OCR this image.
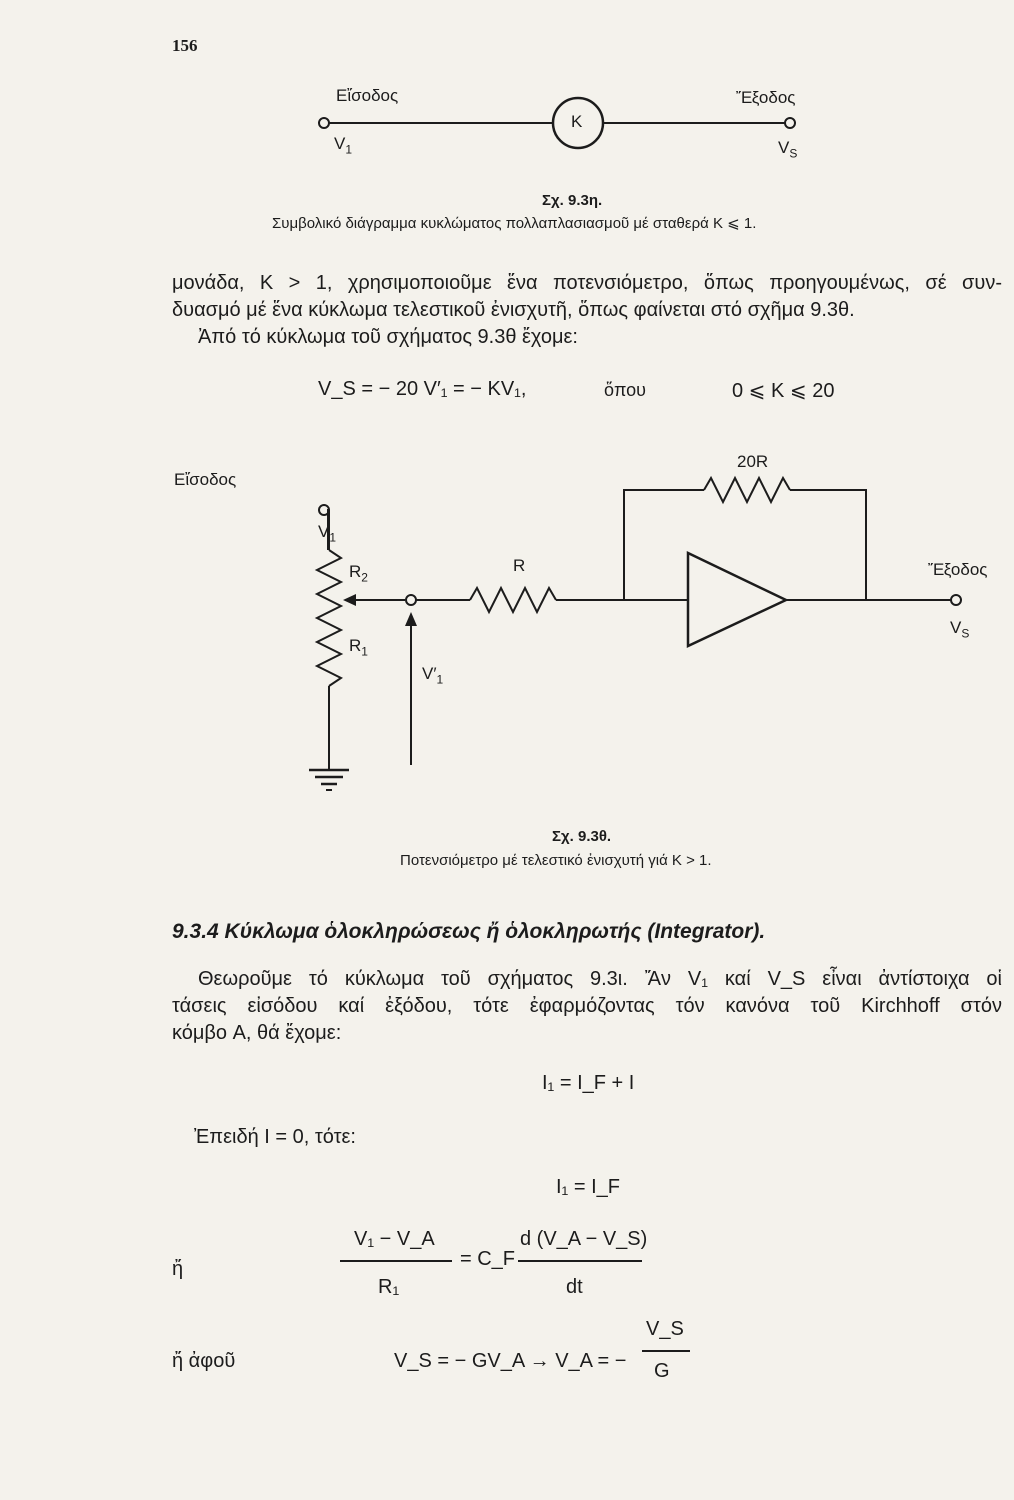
156
Εἴσοδος	Ἔξοδος
K
$V_1$	$V_S$
Σχ. 9.3η.
Συμβολικό διάγραμμα κυκλώματος πολλαπλασιασμοῦ μέ σταθερά K ⩽ 1.
μονάδα, K > 1, χρησιμοποιοῦμε ἕνα ποτενσιόμετρο, ὅπως προηγουμένως, σέ συν-
δυασμό μέ ἕνα κύκλωμα τελεστικοῦ ἐνισχυτῆ, ὅπως φαίνεται στό σχῆμα 9.3θ.
Ἀπό τό κύκλωμα τοῦ σχήματος 9.3θ ἔχομε:
V_S = − 20 V′₁ = − KV₁,	ὅπου	0 ⩽ K ⩽ 20
Εἴσοδος
$V_1$
$R_2$
$R_1$
R
20R
$V'_1$
Ἔξοδος
$V_S$
Σχ. 9.3θ.
Ποτενσιόμετρο μέ τελεστικό ἐνισχυτή γιά K > 1.
9.3.4 Κύκλωμα ὁλοκληρώσεως ἤ ὁλοκληρωτής (Integrator).
Θεωροῦμε τό κύκλωμα τοῦ σχήματος 9.3ι. Ἄν V₁ καί V_S εἶναι ἀντίστοιχα οἱ
τάσεις εἰσόδου καί ἐξόδου, τότε ἐφαρμόζοντας τόν κανόνα τοῦ Kirchhoff στόν
κόμβο A, θά ἔχομε:
I₁ = I_F + I
Ἐπειδή I = 0, τότε:
I₁ = I_F
ἤ
V₁ − V_A
R₁
= C_F
d (V_A − V_S)
dt
ἤ ἀφοῦ	V_S = − GV_A → V_A = −
V_S
G
